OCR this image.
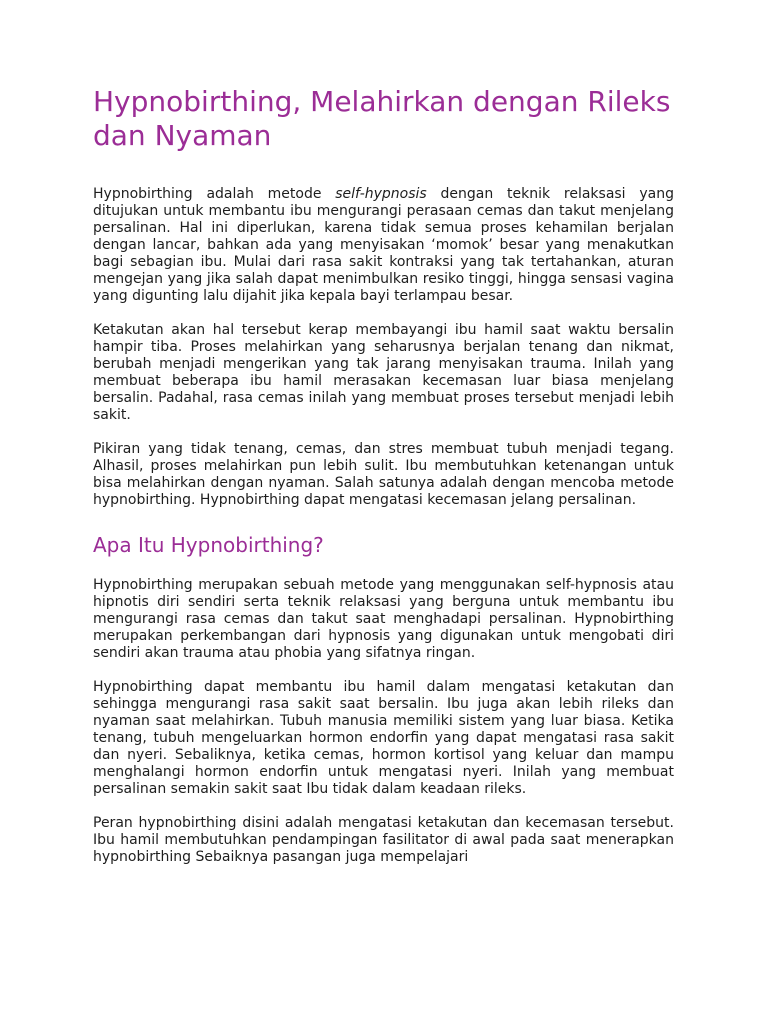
Hypnobirthing, Melahirkan dengan Rileks dan Nyaman

Hypnobirthing adalah metode self-hypnosis dengan teknik relaksasi yang ditujukan untuk membantu ibu mengurangi perasaan cemas dan takut menjelang persalinan. Hal ini diperlukan, karena tidak semua proses kehamilan berjalan dengan lancar, bahkan ada yang menyisakan ‘momok’ besar yang menakutkan bagi sebagian ibu. Mulai dari rasa sakit kontraksi yang tak tertahankan, aturan mengejan yang jika salah dapat menimbulkan resiko tinggi, hingga sensasi vagina yang digunting lalu dijahit jika kepala bayi terlampau besar.

Ketakutan akan hal tersebut kerap membayangi ibu hamil saat waktu bersalin hampir tiba. Proses melahirkan yang seharusnya berjalan tenang dan nikmat, berubah menjadi mengerikan yang tak jarang menyisakan trauma. Inilah yang membuat beberapa ibu hamil merasakan kecemasan luar biasa menjelang bersalin. Padahal, rasa cemas inilah yang membuat proses tersebut menjadi lebih sakit.

Pikiran yang tidak tenang, cemas, dan stres membuat tubuh menjadi tegang. Alhasil, proses melahirkan pun lebih sulit. Ibu membutuhkan ketenangan untuk bisa melahirkan dengan nyaman. Salah satunya adalah dengan mencoba metode hypnobirthing. Hypnobirthing dapat mengatasi kecemasan jelang persalinan.

Apa Itu Hypnobirthing?

Hypnobirthing merupakan sebuah metode yang menggunakan self-hypnosis atau hipnotis diri sendiri serta teknik relaksasi yang berguna untuk membantu ibu mengurangi rasa cemas dan takut saat menghadapi persalinan. Hypnobirthing merupakan perkembangan dari hypnosis yang digunakan untuk mengobati diri sendiri akan trauma atau phobia yang sifatnya ringan.

Hypnobirthing dapat membantu ibu hamil dalam mengatasi ketakutan dan sehingga mengurangi rasa sakit saat bersalin. Ibu juga akan lebih rileks dan nyaman saat melahirkan. Tubuh manusia memiliki sistem yang luar biasa. Ketika tenang, tubuh mengeluarkan hormon endorfin yang dapat mengatasi rasa sakit dan nyeri. Sebaliknya, ketika cemas, hormon kortisol yang keluar dan mampu menghalangi hormon endorfin untuk mengatasi nyeri. Inilah yang membuat persalinan semakin sakit saat Ibu tidak dalam keadaan rileks.

Peran hypnobirthing disini adalah mengatasi ketakutan dan kecemasan tersebut. Ibu hamil membutuhkan pendampingan fasilitator di awal pada saat menerapkan hypnobirthing Sebaiknya pasangan juga mempelajari
